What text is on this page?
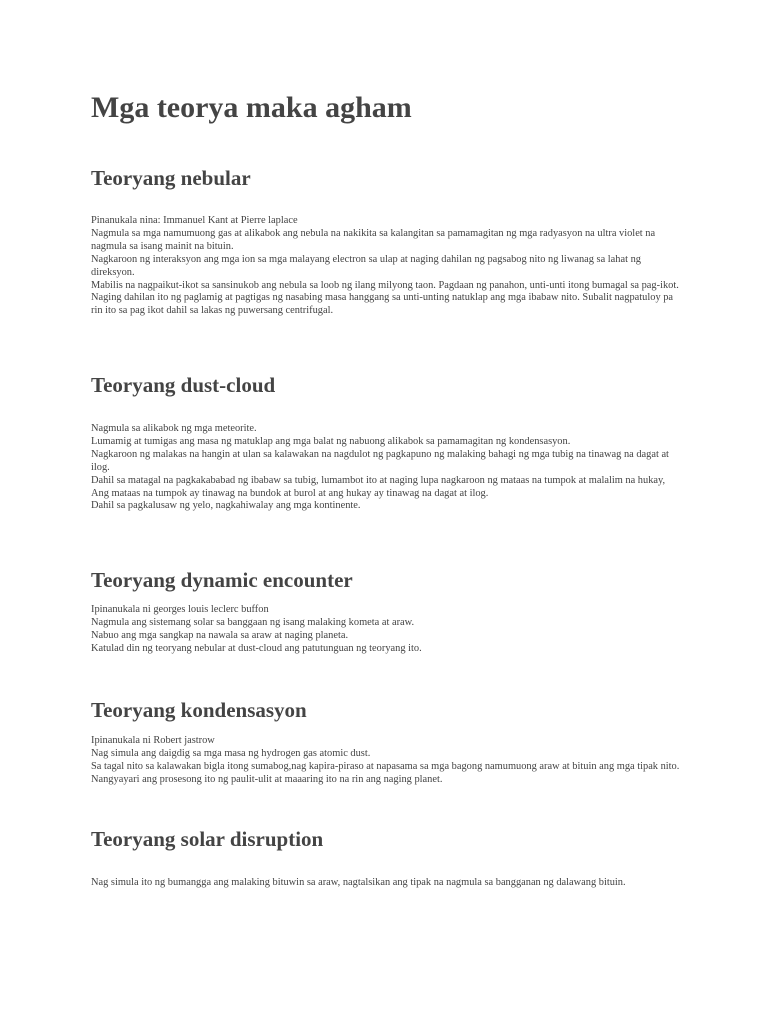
Mga teorya maka agham
Teoryang nebular
Pinanukala nina: Immanuel Kant at Pierre laplace
Nagmula sa mga namumuong gas at alikabok ang nebula na nakikita sa kalangitan sa pamamagitan ng mga radyasyon na ultra violet na nagmula sa isang mainit na bituin.
Nagkaroon ng interaksyon ang mga ion sa mga malayang electron sa ulap at naging dahilan ng pagsabog nito ng liwanag sa lahat ng direksyon.
Mabilis na nagpaikut-ikot sa sansinukob ang nebula sa loob ng ilang milyong taon. Pagdaan ng panahon, unti-unti itong bumagal sa pag-ikot.
Naging dahilan ito ng paglamig at pagtigas ng nasabing masa hanggang sa unti-unting natuklap ang mga ibabaw nito. Subalit nagpatuloy pa rin ito sa pag ikot dahil sa lakas ng puwersang centrifugal.
Teoryang dust-cloud
Nagmula sa alikabok ng mga meteorite.
Lumamig at tumigas ang masa ng matuklap ang mga balat ng nabuong alikabok sa pamamagitan ng kondensasyon.
Nagkaroon ng malakas na hangin at ulan sa kalawakan na nagdulot ng pagkapuno ng malaking bahagi ng mga tubig na tinawag na dagat at ilog.
Dahil sa matagal na pagkakababad ng ibabaw sa tubig, lumambot ito at naging lupa nagkaroon ng mataas na tumpok at malalim na hukay,
Ang mataas na tumpok ay tinawag na bundok at burol at ang hukay ay tinawag na dagat at ilog.
Dahil sa pagkalusaw ng yelo, nagkahiwalay ang mga kontinente.
Teoryang dynamic encounter
Ipinanukala ni georges louis leclerc buffon
Nagmula ang sistemang solar sa banggaan ng isang malaking kometa at araw.
Nabuo ang mga sangkap na nawala sa araw at naging planeta.
Katulad din ng teoryang nebular at dust-cloud ang patutunguan ng teoryang ito.
Teoryang kondensasyon
Ipinanukala ni Robert jastrow
Nag simula ang daigdig sa mga masa ng hydrogen gas atomic dust.
Sa tagal nito sa kalawakan bigla itong sumabog,nag kapira-piraso at napasama sa mga bagong namumuong araw at bituin ang mga tipak nito.
Nangyayari ang prosesong ito ng paulit-ulit at maaaring ito na rin ang naging planet.
Teoryang solar disruption
Nag simula ito ng bumangga ang malaking bituwin sa araw, nagtalsikan ang tipak na nagmula sa bangganan ng dalawang bituin.
